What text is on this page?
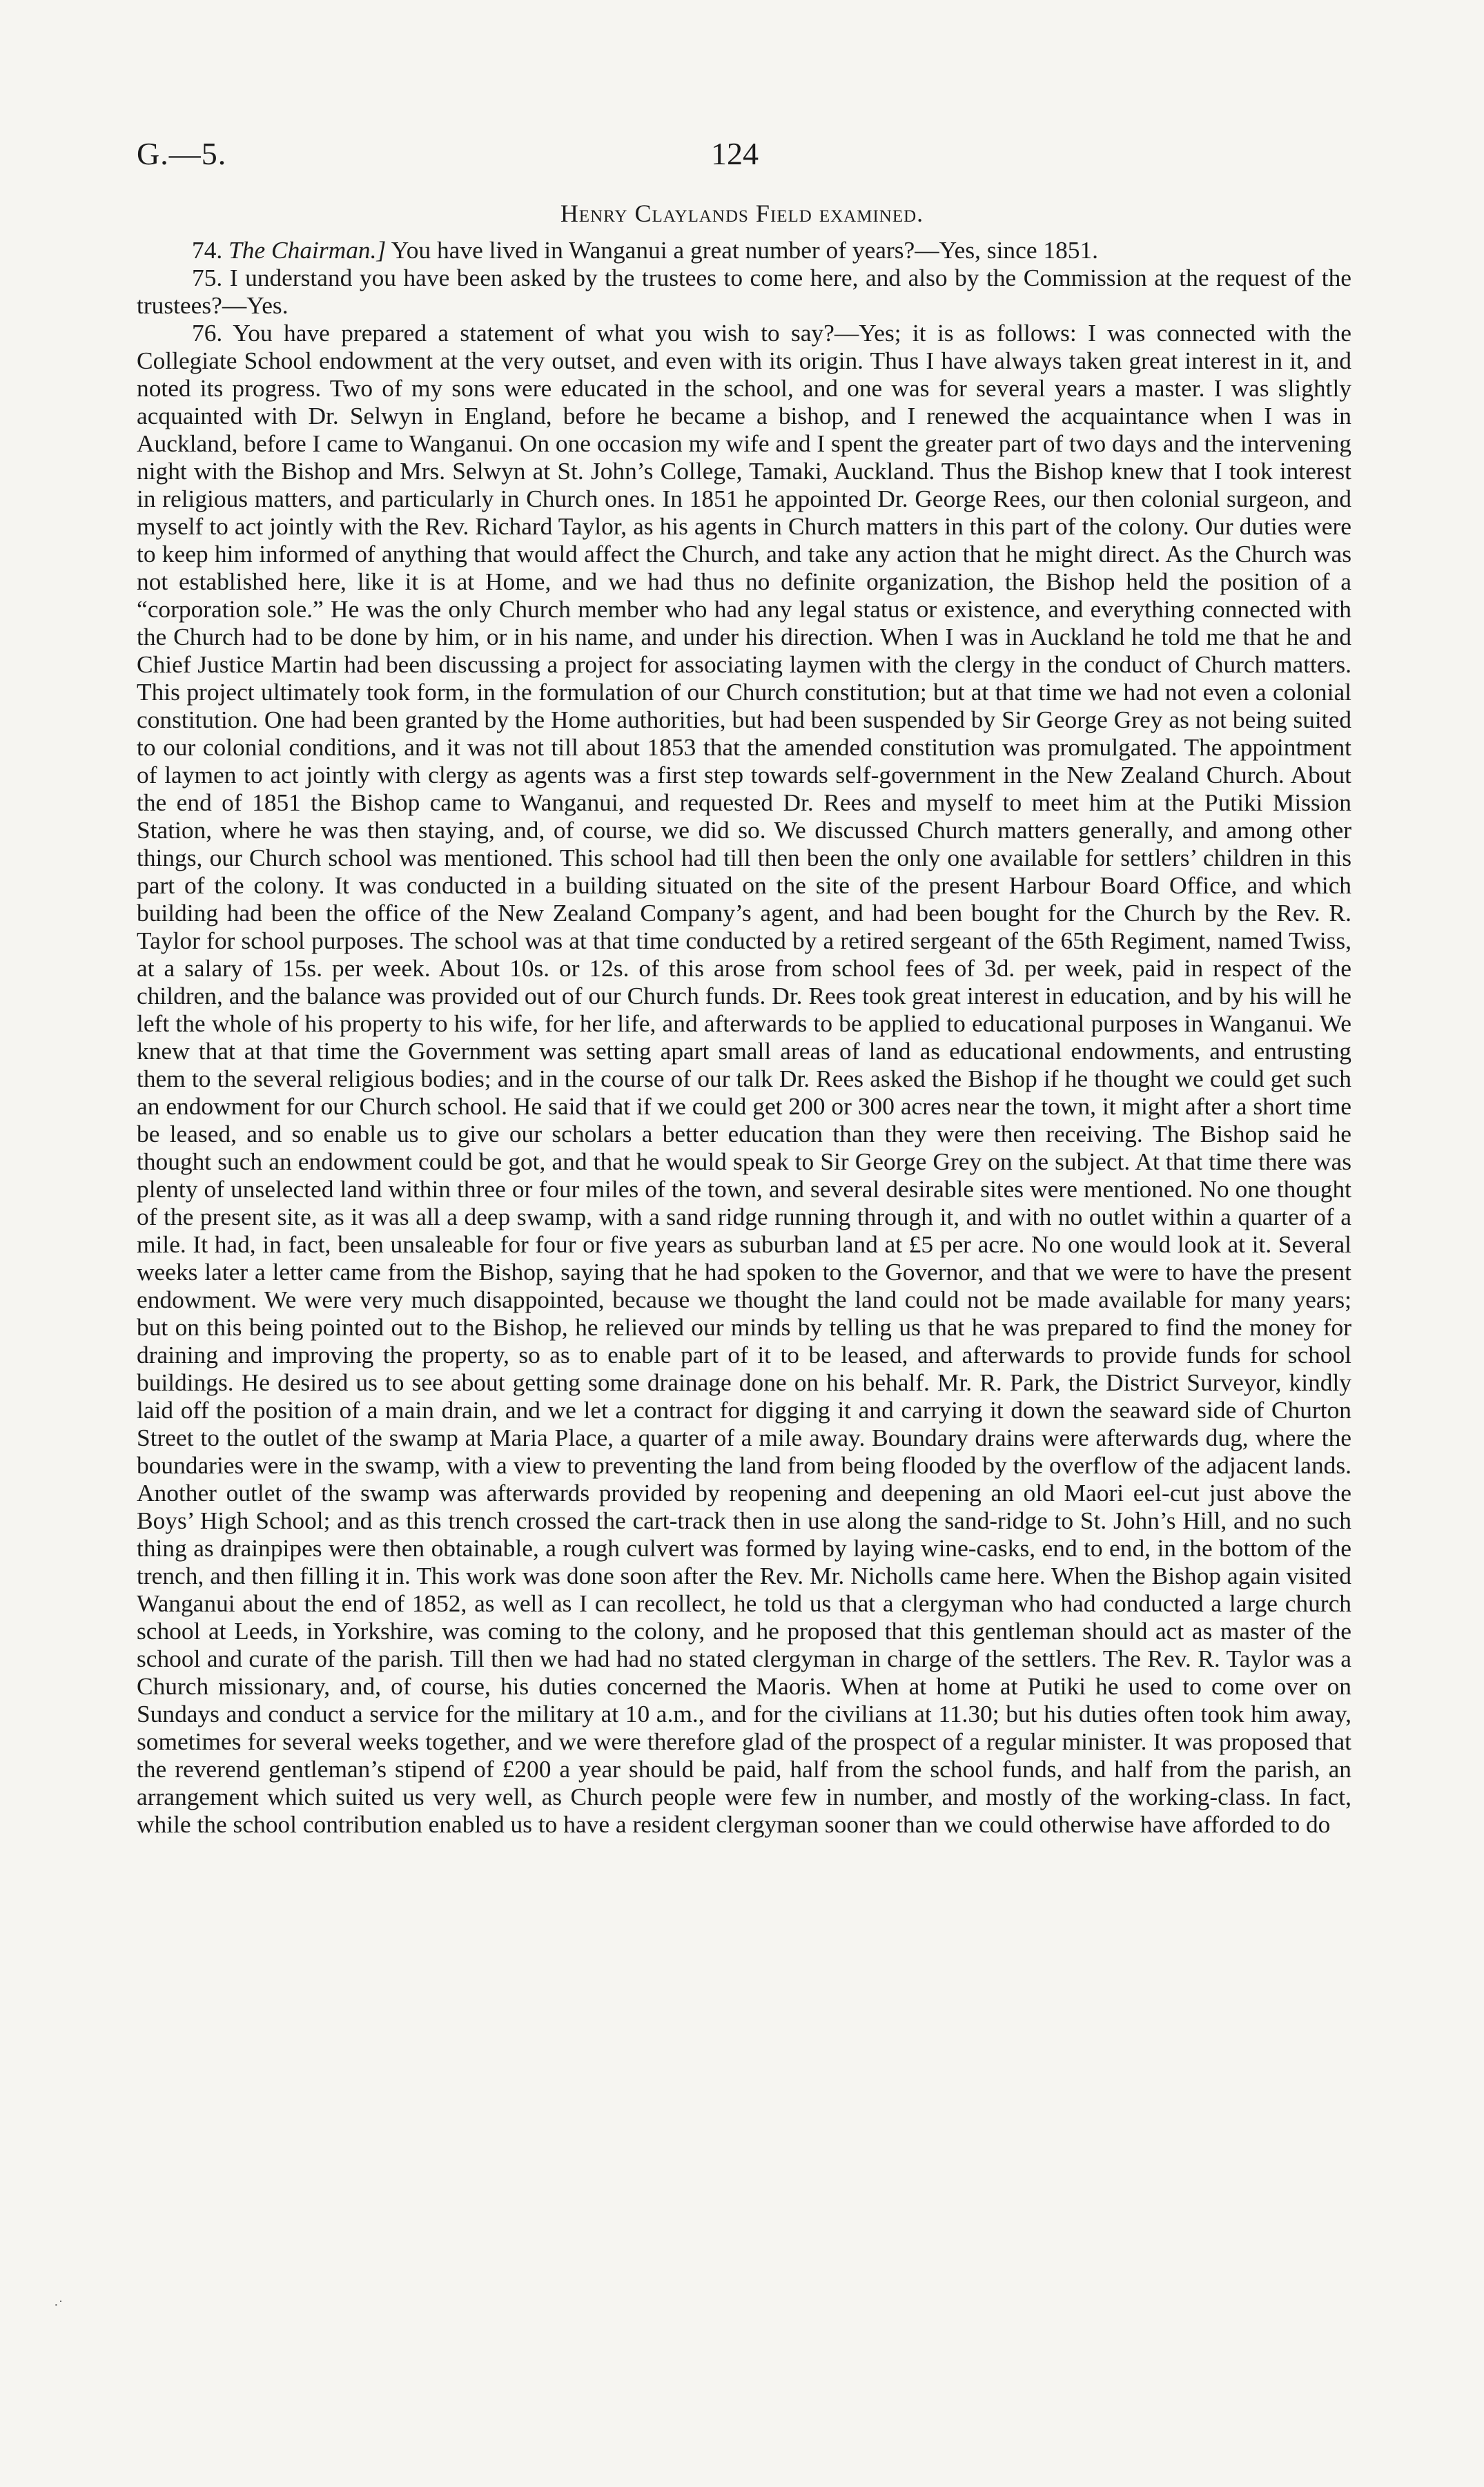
G.—5.	124
Henry Claylands Field examined.

74. The Chairman.] You have lived in Wanganui a great number of years?—Yes, since 1851.

75. I understand you have been asked by the trustees to come here, and also by the Commission at the request of the trustees?—Yes.

76. You have prepared a statement of what you wish to say?—Yes; it is as follows: I was connected with the Collegiate School endowment at the very outset, and even with its origin. Thus I have always taken great interest in it, and noted its progress. Two of my sons were educated in the school, and one was for several years a master. I was slightly acquainted with Dr. Selwyn in England, before he became a bishop, and I renewed the acquaintance when I was in Auckland, before I came to Wanganui. On one occasion my wife and I spent the greater part of two days and the intervening night with the Bishop and Mrs. Selwyn at St. John’s College, Tamaki, Auckland. Thus the Bishop knew that I took interest in religious matters, and particularly in Church ones. In 1851 he appointed Dr. George Rees, our then colonial surgeon, and myself to act jointly with the Rev. Richard Taylor, as his agents in Church matters in this part of the colony. Our duties were to keep him informed of anything that would affect the Church, and take any action that he might direct. As the Church was not established here, like it is at Home, and we had thus no definite organization, the Bishop held the position of a “corporation sole.” He was the only Church member who had any legal status or existence, and everything connected with the Church had to be done by him, or in his name, and under his direction. When I was in Auckland he told me that he and Chief Justice Martin had been discussing a project for associating laymen with the clergy in the conduct of Church matters. This project ultimately took form, in the formulation of our Church constitution; but at that time we had not even a colonial constitution. One had been granted by the Home authorities, but had been suspended by Sir George Grey as not being suited to our colonial conditions, and it was not till about 1853 that the amended constitution was promulgated. The appointment of laymen to act jointly with clergy as agents was a first step towards self-government in the New Zealand Church. About the end of 1851 the Bishop came to Wanganui, and requested Dr. Rees and myself to meet him at the Putiki Mission Station, where he was then staying, and, of course, we did so. We discussed Church matters generally, and among other things, our Church school was mentioned. This school had till then been the only one available for settlers’ children in this part of the colony. It was conducted in a building situated on the site of the present Harbour Board Office, and which building had been the office of the New Zealand Company’s agent, and had been bought for the Church by the Rev. R. Taylor for school purposes. The school was at that time conducted by a retired sergeant of the 65th Regiment, named Twiss, at a salary of 15s. per week. About 10s. or 12s. of this arose from school fees of 3d. per week, paid in respect of the children, and the balance was provided out of our Church funds. Dr. Rees took great interest in education, and by his will he left the whole of his property to his wife, for her life, and afterwards to be applied to educational purposes in Wanganui. We knew that at that time the Government was setting apart small areas of land as educational endowments, and entrusting them to the several religious bodies; and in the course of our talk Dr. Rees asked the Bishop if he thought we could get such an endowment for our Church school. He said that if we could get 200 or 300 acres near the town, it might after a short time be leased, and so enable us to give our scholars a better education than they were then receiving. The Bishop said he thought such an endowment could be got, and that he would speak to Sir George Grey on the subject. At that time there was plenty of unselected land within three or four miles of the town, and several desirable sites were mentioned. No one thought of the present site, as it was all a deep swamp, with a sand ridge running through it, and with no outlet within a quarter of a mile. It had, in fact, been unsaleable for four or five years as suburban land at £5 per acre. No one would look at it. Several weeks later a letter came from the Bishop, saying that he had spoken to the Governor, and that we were to have the present endowment. We were very much disappointed, because we thought the land could not be made available for many years; but on this being pointed out to the Bishop, he relieved our minds by telling us that he was prepared to find the money for draining and improving the property, so as to enable part of it to be leased, and afterwards to provide funds for school buildings. He desired us to see about getting some drainage done on his behalf. Mr. R. Park, the District Surveyor, kindly laid off the position of a main drain, and we let a contract for digging it and carrying it down the seaward side of Churton Street to the outlet of the swamp at Maria Place, a quarter of a mile away. Boundary drains were afterwards dug, where the boundaries were in the swamp, with a view to preventing the land from being flooded by the overflow of the adjacent lands. Another outlet of the swamp was afterwards provided by reopening and deepening an old Maori eel-cut just above the Boys’ High School; and as this trench crossed the cart-track then in use along the sand-ridge to St. John’s Hill, and no such thing as drainpipes were then obtainable, a rough culvert was formed by laying wine-casks, end to end, in the bottom of the trench, and then filling it in. This work was done soon after the Rev. Mr. Nicholls came here. When the Bishop again visited Wanganui about the end of 1852, as well as I can recollect, he told us that a clergyman who had conducted a large church school at Leeds, in Yorkshire, was coming to the colony, and he proposed that this gentleman should act as master of the school and curate of the parish. Till then we had had no stated clergyman in charge of the settlers. The Rev. R. Taylor was a Church missionary, and, of course, his duties concerned the Maoris. When at home at Putiki he used to come over on Sundays and conduct a service for the military at 10 a.m., and for the civilians at 11.30; but his duties often took him away, sometimes for several weeks together, and we were therefore glad of the prospect of a regular minister. It was proposed that the reverend gentleman’s stipend of £200 a year should be paid, half from the school funds, and half from the parish, an arrangement which suited us very well, as Church people were few in number, and mostly of the working-class. In fact, while the school contribution enabled us to have a resident clergyman sooner than we could otherwise have afforded to do

·˙
